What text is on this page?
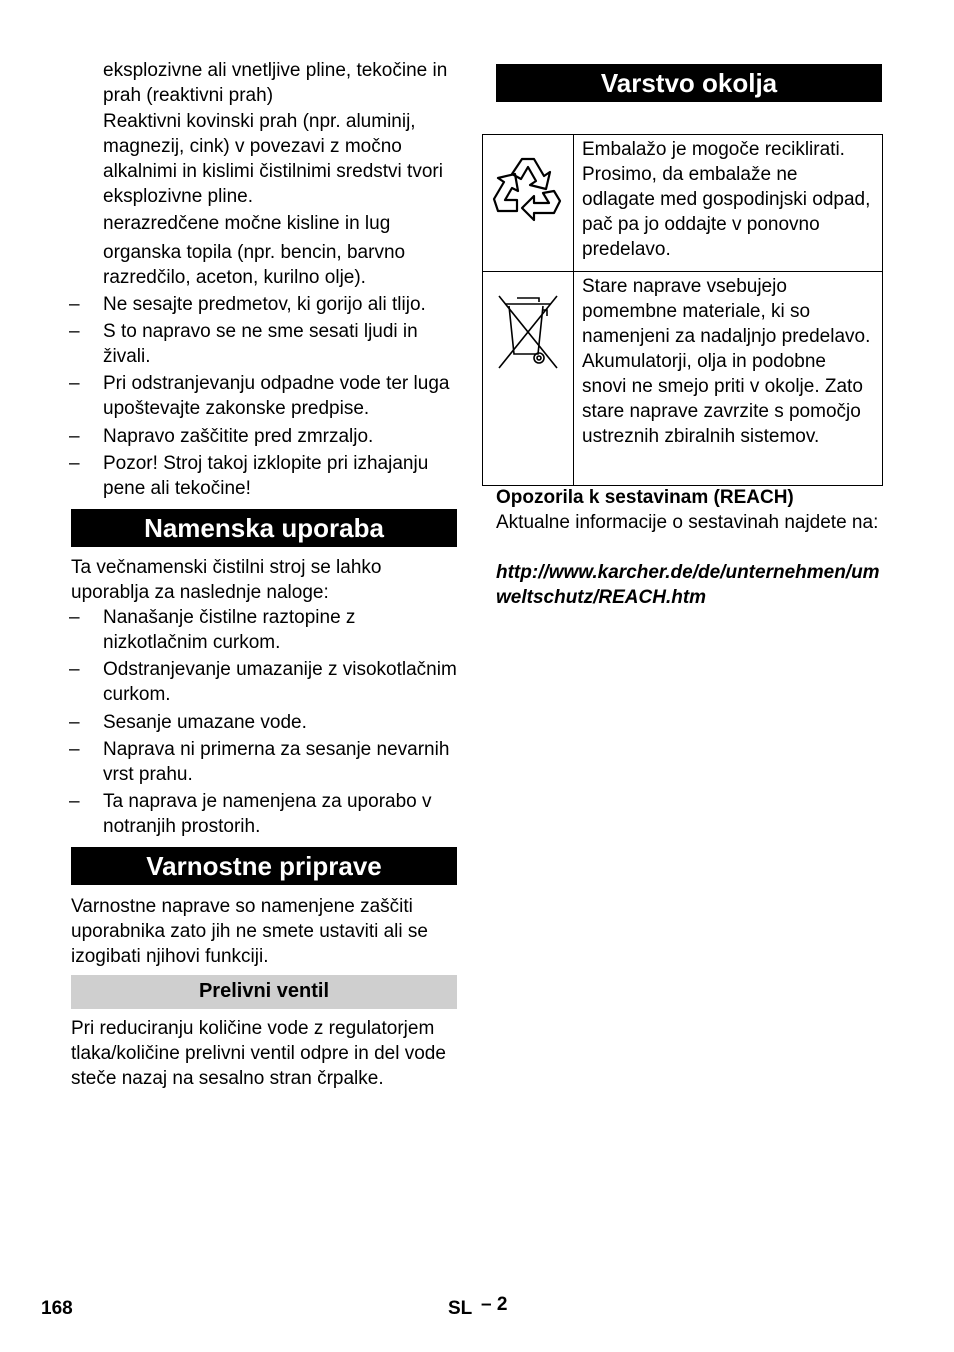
eksplozivne ali vnetljive pline, tekočine in prah (reaktivni prah)

Reaktivni kovinski prah (npr. aluminij, magnezij, cink) v povezavi z močno alkalnimi in kislimi čistilnimi sredstvi tvori eksplozivne pline.

nerazredčene močne kisline in lug

organska topila (npr. bencin, barvno razredčilo, aceton, kurilno olje).

– Ne sesajte predmetov, ki gorijo ali tlijo.

– S to napravo se ne sme sesati ljudi in živali.

– Pri odstranjevanju odpadne vode ter luga upoštevajte zakonske predpise.

– Napravo zaščitite pred zmrzaljo.

– Pozor! Stroj takoj izklopite pri izhajanju pene ali tekočine!

Namenska uporaba

Ta večnamenski čistilni stroj se lahko uporablja za naslednje naloge:

– Nanašanje čistilne raztopine z nizkotlačnim curkom.

– Odstranjevanje umazanije z visokotlačnim curkom.

– Sesanje umazane vode.

– Naprava ni primerna za sesanje nevarnih vrst prahu.

– Ta naprava je namenjena za uporabo v notranjih prostorih.

Varnostne priprave

Varnostne naprave so namenjene zaščiti uporabnika zato jih ne smete ustaviti ali se izogibati njihovi funkciji.

Prelivni ventil

Pri reduciranju količine vode z regulatorjem tlaka/količine prelivni ventil odpre in del vode steče nazaj na sesalno stran črpalke.

Varstvo okolja
	Embalažo je mogoče reciklirati. Prosimo, da embalaže ne odlagate med gospodinjski odpad, pač pa jo oddajte v ponovno predelavo.
	Stare naprave vsebujejo pomembne materiale, ki so namenjeni za nadaljnjo predelavo. Akumulatorji, olja in podobne snovi ne smejo priti v okolje. Zato stare naprave zavrzite s pomočjo ustreznih zbiralnih sistemov.

Opozorila k sestavinam (REACH)

Aktualne informacije o sestavinah najdete na:

http://www.karcher.de/de/unternehmen/umweltschutz/REACH.htm

168	SL – 2
